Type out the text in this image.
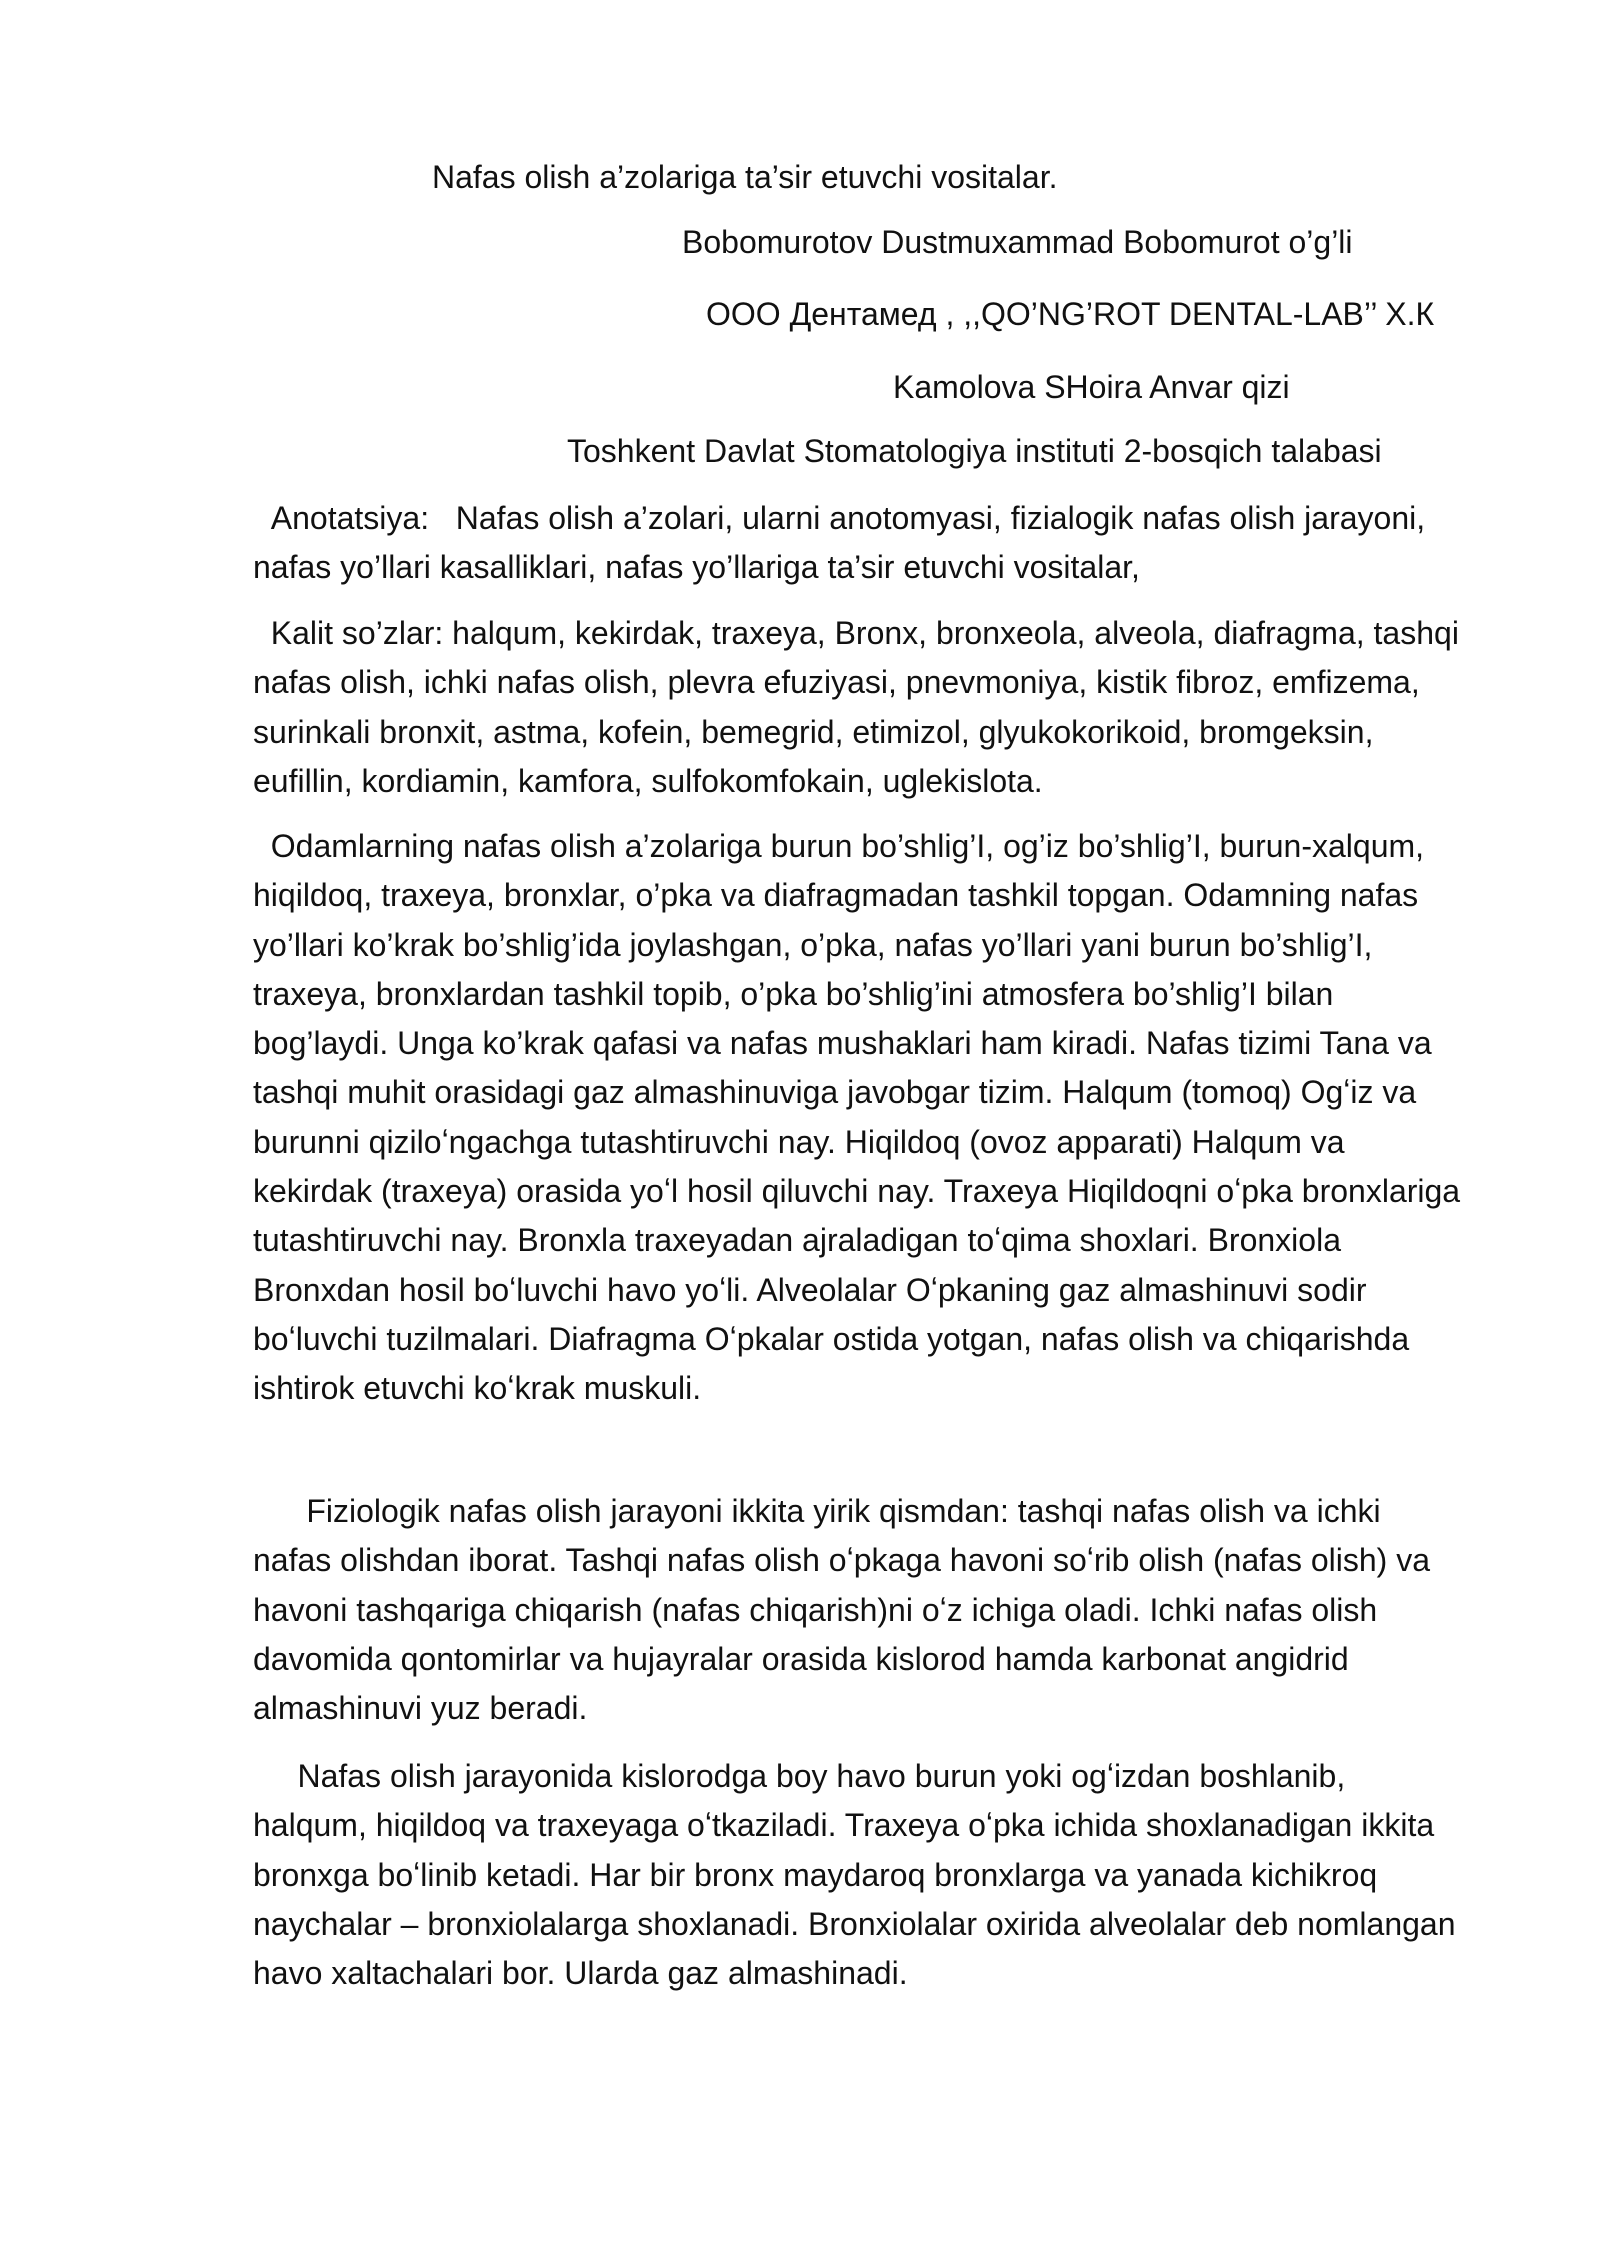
Nafas olish a’zolariga ta’sir etuvchi vositalar.
Bobomurotov Dustmuxammad Bobomurot o’g’li
ООО Дентамед , ,,QO’NG’ROT DENTAL-LAB’’ Х.К
Kamolova SHoira Anvar qizi
Toshkent Davlat Stomatologiya instituti 2-bosqich talabasi

Anotatsiya:   Nafas olish a’zolari, ularni anotomyasi, fizialogik nafas olish jarayoni, nafas yo’llari kasalliklari, nafas yo’llariga ta’sir etuvchi vositalar,

Kalit so’zlar: halqum, kekirdak, traxeya, Bronx, bronxeola, alveola, diafragma, tashqi nafas olish, ichki nafas olish, plevra efuziyasi, pnevmoniya, kistik fibroz, emfizema, surinkali bronxit, astma, kofein, bemegrid, etimizol, glyukokorikoid, bromgeksin, eufillin, kordiamin, kamfora, sulfokomfokain, uglekislota.

Odamlarning nafas olish a’zolariga burun bo’shlig’I, og’iz bo’shlig’I, burun-xalqum, hiqildoq, traxeya, bronxlar, o’pka va diafragmadan tashkil topgan. Odamning nafas yo’llari ko’krak bo’shlig’ida joylashgan, o’pka, nafas yo’llari yani burun bo’shlig’I, traxeya, bronxlardan tashkil topib, o’pka bo’shlig’ini atmosfera bo’shlig’I bilan bog’laydi. Unga ko’krak qafasi va nafas mushaklari ham kiradi. Nafas tizimi Tana va tashqi muhit orasidagi gaz almashinuviga javobgar tizim. Halqum (tomoq) Ogʻiz va burunni qiziloʻngachga tutashtiruvchi nay. Hiqildoq (ovoz apparati) Halqum va kekirdak (traxeya) orasida yoʻl hosil qiluvchi nay. Traxeya Hiqildoqni oʻpka bronxlariga tutashtiruvchi nay. Bronxla traxeyadan ajraladigan toʻqima shoxlari. Bronxiola Bronxdan hosil boʻluvchi havo yoʻli. Alveolalar Oʻpkaning gaz almashinuvi sodir boʻluvchi tuzilmalari. Diafragma Oʻpkalar ostida yotgan, nafas olish va chiqarishda ishtirok etuvchi koʻkrak muskuli.

Fiziologik nafas olish jarayoni ikkita yirik qismdan: tashqi nafas olish va ichki nafas olishdan iborat. Tashqi nafas olish oʻpkaga havoni soʻrib olish (nafas olish) va havoni tashqariga chiqarish (nafas chiqarish)ni oʻz ichiga oladi. Ichki nafas olish davomida qontomirlar va hujayralar orasida kislorod hamda karbonat angidrid almashinuvi yuz beradi.

Nafas olish jarayonida kislorodga boy havo burun yoki ogʻizdan boshlanib, halqum, hiqildoq va traxeyaga oʻtkaziladi. Traxeya oʻpka ichida shoxlanadigan ikkita bronxga boʻlinib ketadi. Har bir bronx maydaroq bronxlarga va yanada kichikroq naychalar – bronxiolalarga shoxlanadi. Bronxiolalar oxirida alveolalar deb nomlangan havo xaltachalari bor. Ularda gaz almashinadi.
